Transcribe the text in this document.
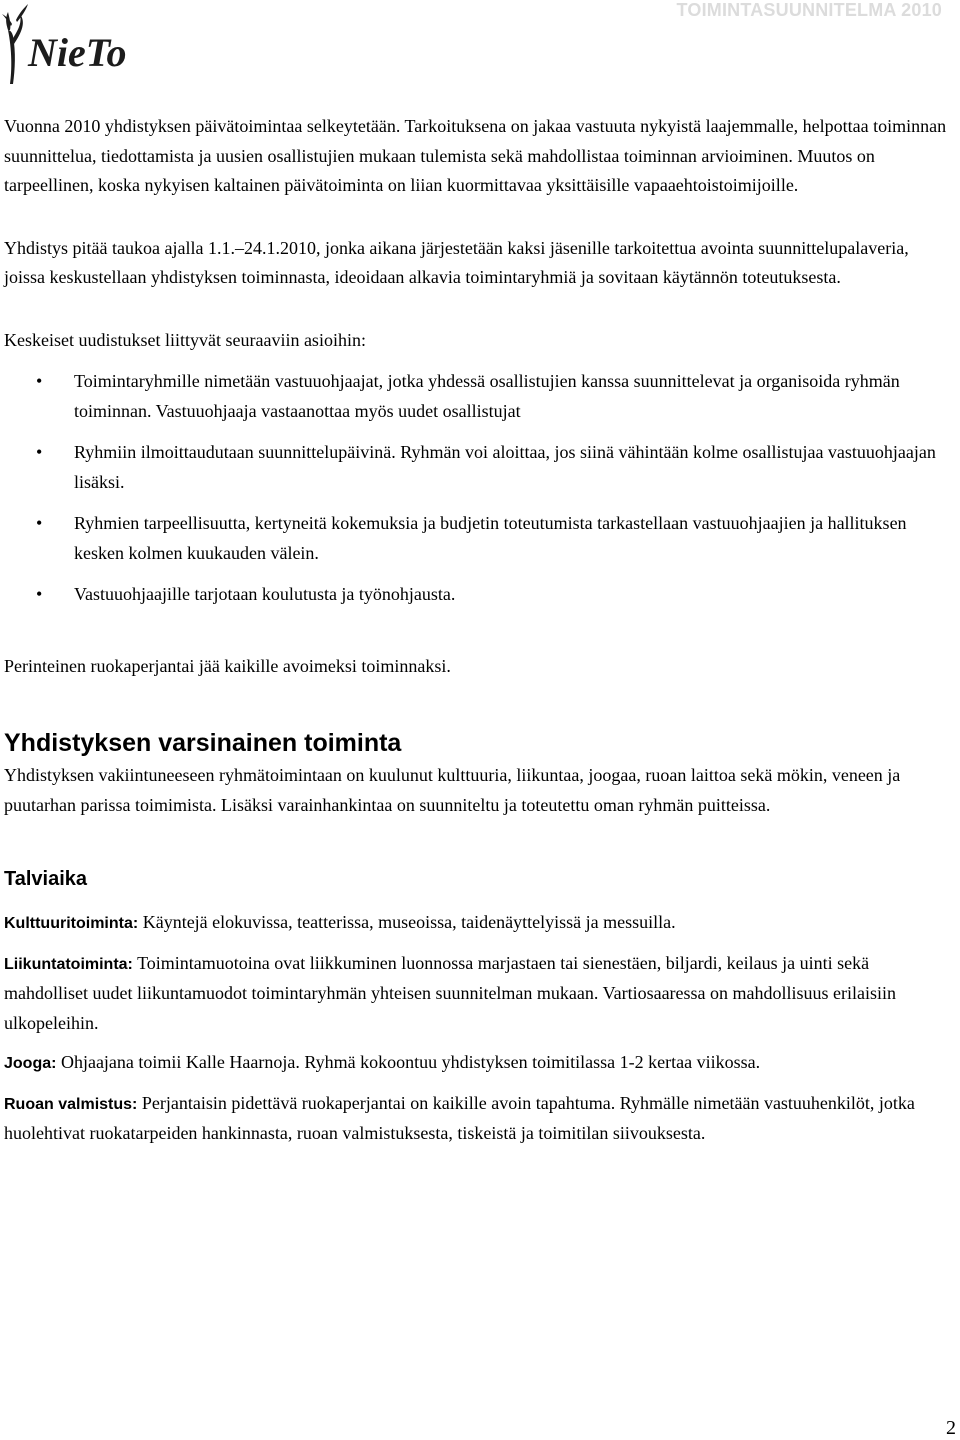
NieTo
TOIMINTASUUNNITELMA 2010

Vuonna 2010 yhdistyksen päivätoimintaa selkeytetään. Tarkoituksena on jakaa vastuuta nykyistä laajemmalle, helpottaa toiminnan suunnittelua, tiedottamista ja uusien osallistujien mukaan tulemista sekä mahdollistaa toiminnan arvioiminen. Muutos on tarpeellinen, koska nykyisen kaltainen päivätoiminta on liian kuormittavaa yksittäisille vapaaehtoistoimijoille.

Yhdistys pitää taukoa ajalla 1.1.–24.1.2010, jonka aikana järjestetään kaksi jäsenille tarkoitettua avointa suunnittelupalaveria, joissa keskustellaan yhdistyksen toiminnasta, ideoidaan alkavia toimintaryhmiä ja sovitaan käytännön toteutuksesta.

Keskeiset uudistukset liittyvät seuraaviin asioihin:

• Toimintaryhmille nimetään vastuuohjaajat, jotka yhdessä osallistujien kanssa suunnittelevat ja organisoida ryhmän toiminnan. Vastuuohjaaja vastaanottaa myös uudet osallistujat
• Ryhmiin ilmoittaudutaan suunnittelupäivinä. Ryhmän voi aloittaa, jos siinä vähintään kolme osallistujaa vastuuohjaajan lisäksi.
• Ryhmien tarpeellisuutta, kertyneitä kokemuksia ja budjetin toteutumista tarkastellaan vastuuohjaajien ja hallituksen kesken kolmen kuukauden välein.
• Vastuuohjaajille tarjotaan koulutusta ja työnohjausta.

Perinteinen ruokaperjantai jää kaikille avoimeksi toiminnaksi.

Yhdistyksen varsinainen toiminta

Yhdistyksen vakiintuneeseen ryhmätoimintaan on kuulunut kulttuuria, liikuntaa, joogaa, ruoan laittoa sekä mökin, veneen ja puutarhan parissa toimimista. Lisäksi varainhankintaa on suunniteltu ja toteutettu oman ryhmän puitteissa.

Talviaika

Kulttuuritoiminta: Käyntejä elokuvissa, teatterissa, museoissa, taidenäyttelyissä ja messuilla.

Liikuntatoiminta: Toimintamuotoina ovat liikkuminen luonnossa marjastaen tai sienestäen, biljardi, keilaus ja uinti sekä mahdolliset uudet liikuntamuodot toimintaryhmän yhteisen suunnitelman mukaan. Vartiosaaressa on mahdollisuus erilaisiin ulkopeleihin.

Jooga: Ohjaajana toimii Kalle Haarnoja. Ryhmä kokoontuu yhdistyksen toimitilassa 1-2 kertaa viikossa.

Ruoan valmistus: Perjantaisin pidettävä ruokaperjantai on kaikille avoin tapahtuma. Ryhmälle nimetään vastuuhenkilöt, jotka huolehtivat ruokatarpeiden hankinnasta, ruoan valmistuksesta, tiskeistä ja toimitilan siivouksesta.

2
